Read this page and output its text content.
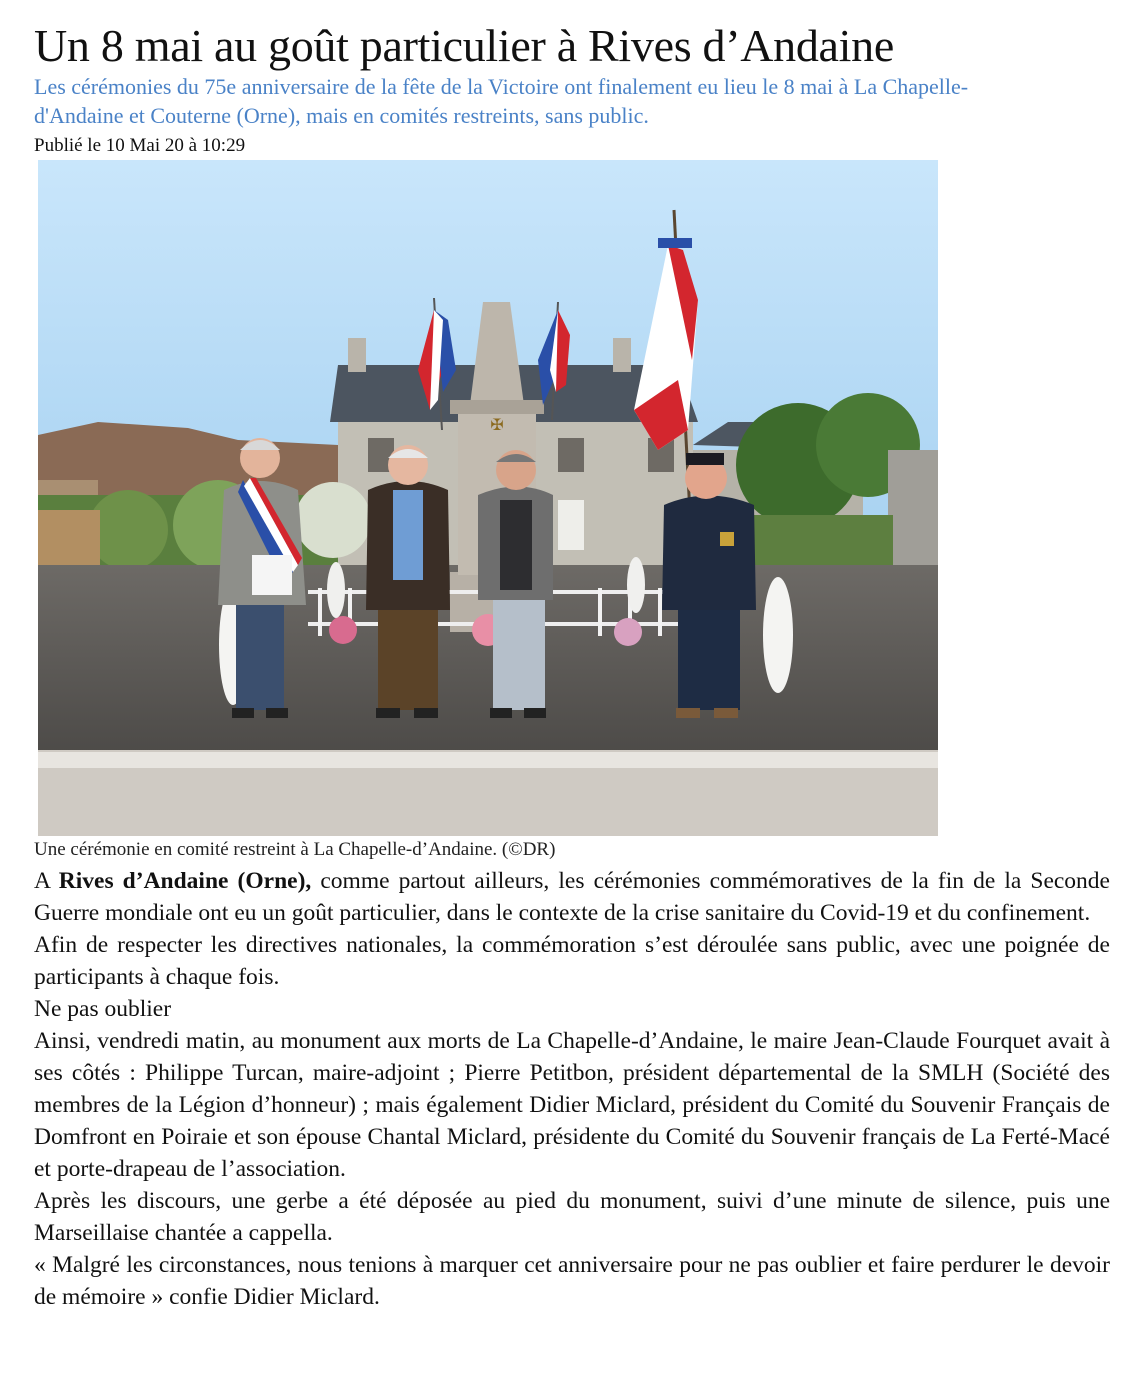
Un 8 mai au goût particulier à Rives d’Andaine

Les cérémonies du 75e anniversaire de la fête de la Victoire ont finalement eu lieu le 8 mai à La Chapelle-d'Andaine et Couterne (Orne), mais en comités restreints, sans public.

Publié le 10 Mai 20 à 10:29

✠

Une cérémonie en comité restreint à La Chapelle-d’Andaine. (©DR)

A Rives d’Andaine (Orne), comme partout ailleurs, les cérémonies commémoratives de la fin de la Seconde Guerre mondiale ont eu un goût particulier, dans le contexte de la crise sanitaire du Covid-19 et du confinement.

Afin de respecter les directives nationales, la commémoration s’est déroulée sans public, avec une poignée de participants à chaque fois.

Ne pas oublier

Ainsi, vendredi matin, au monument aux morts de La Chapelle-d’Andaine, le maire Jean-Claude Fourquet avait à ses côtés : Philippe Turcan, maire-adjoint ; Pierre Petitbon, président départemental de la SMLH (Société des membres de la Légion d’honneur) ; mais également Didier Miclard, président du Comité du Souvenir Français de Domfront en Poiraie et son épouse Chantal Miclard, présidente du Comité du Souvenir français de La Ferté-Macé et porte-drapeau de l’association.

Après les discours, une gerbe a été déposée au pied du monument, suivi d’une minute de silence, puis une Marseillaise chantée a cappella.

« Malgré les circonstances, nous tenions à marquer cet anniversaire pour ne pas oublier et faire perdurer le devoir de mémoire » confie Didier Miclard.
